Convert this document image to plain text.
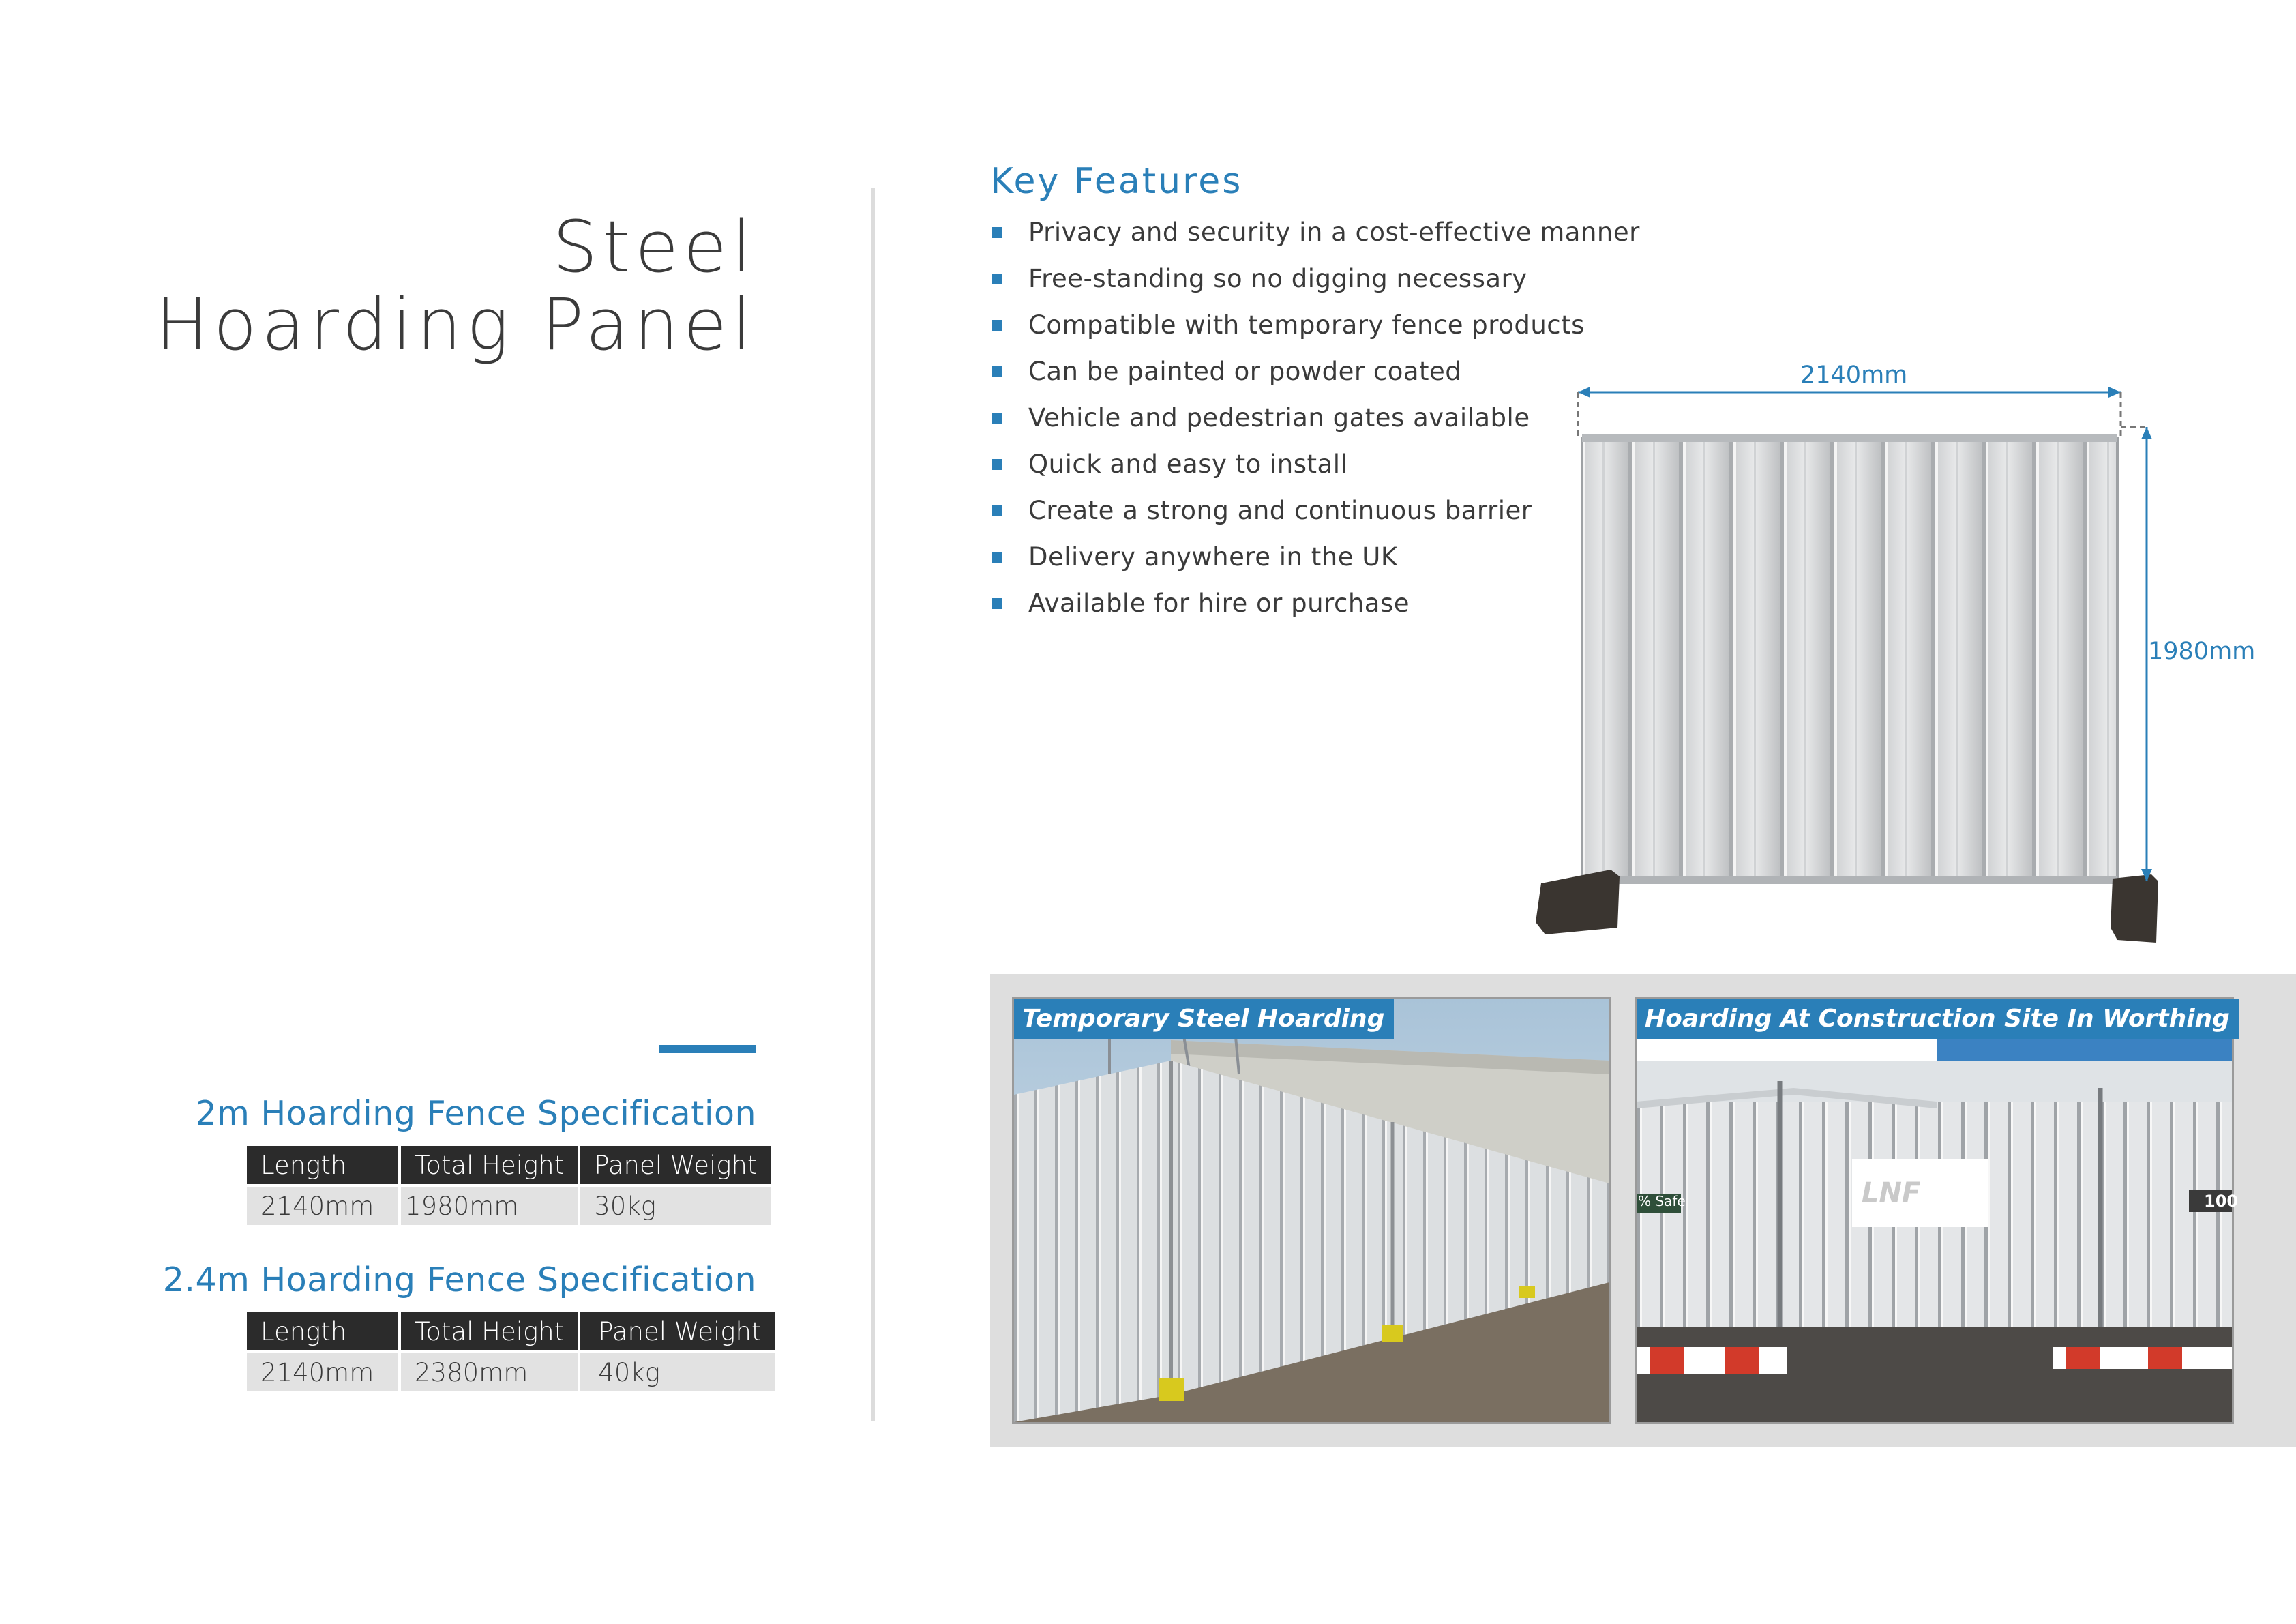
Steel
Hoarding Panel
2m Hoarding Fence Specification
Length	Total Height	Panel Weight
2140mm	1980mm	30kg
2.4m Hoarding Fence Specification
Length	Total Height	Panel Weight
2140mm	2380mm	40kg
Key Features
Privacy and security in a cost-effective manner
Free-standing so no digging necessary
Compatible with temporary fence products
Can be painted or powder coated
Vehicle and pedestrian gates available
Quick and easy to install
Create a strong and continuous barrier
Delivery anywhere in the UK
Available for hire or purchase
2140mm
1980mm
Temporary Steel Hoarding
% Safe	100
LNF
Hoarding At Construction Site In Worthing
